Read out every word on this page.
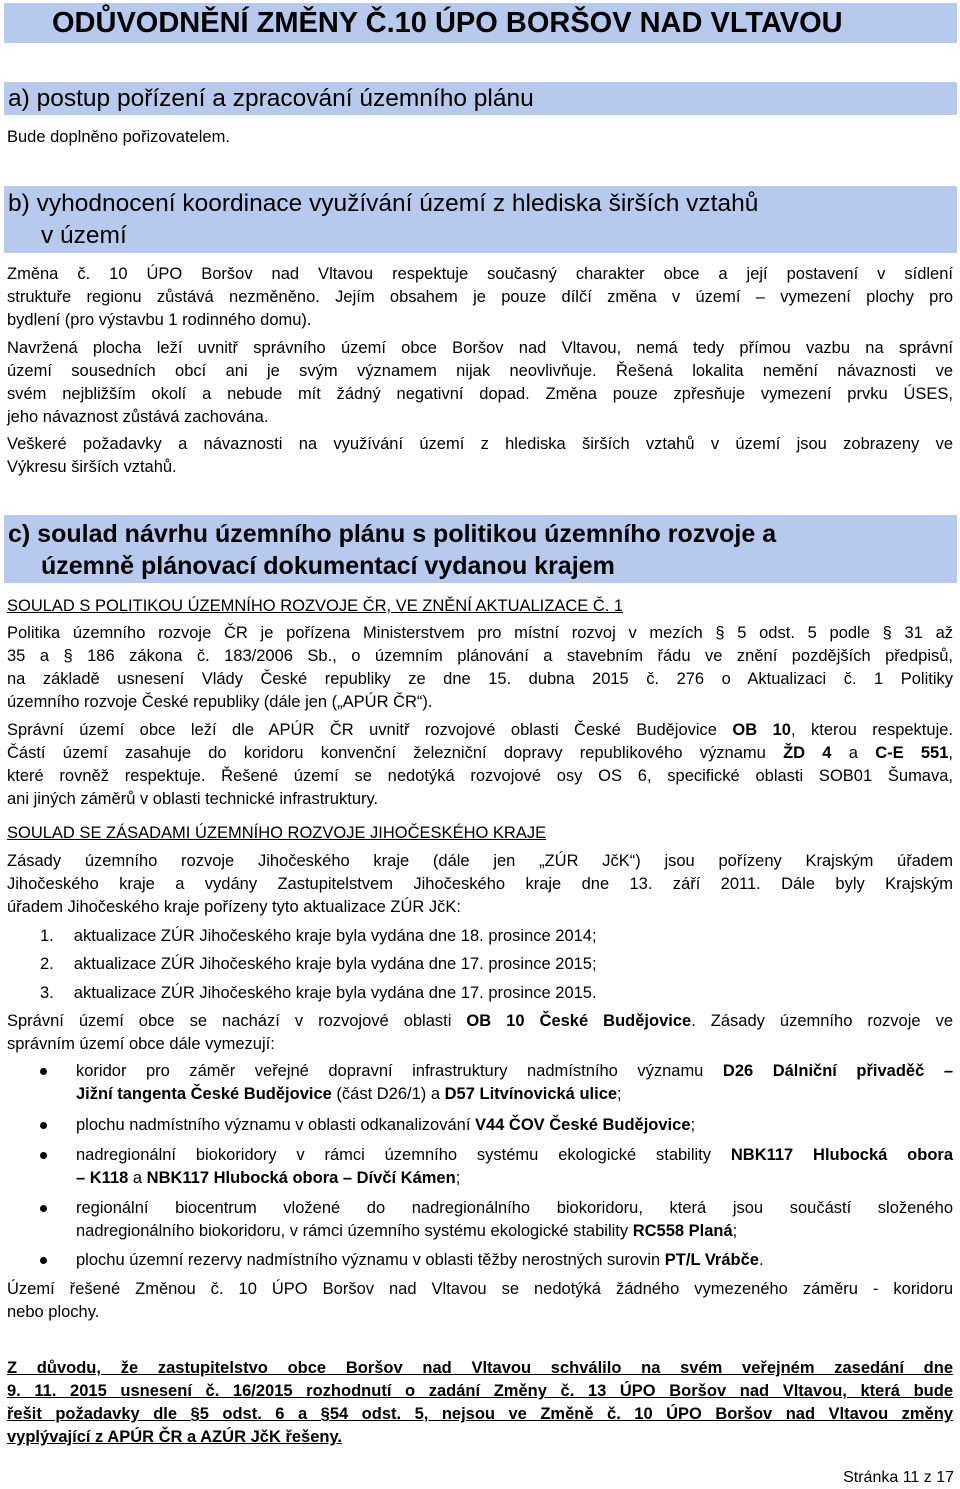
ODŮVODNĚNÍ ZMĚNY Č.10 ÚPO BORŠOV NAD VLTAVOU
a) postup pořízení a zpracování územního plánu

Bude doplněno pořizovatelem.

b) vyhodnocení koordinace využívání území z hlediska širších vztahů
v území
Změna č. 10 ÚPO Boršov nad Vltavou respektuje současný charakter obce a její postavení v sídlení
struktuře regionu zůstává nezměněno. Jejím obsahem je pouze dílčí změna v území – vymezení plochy pro
bydlení (pro výstavbu 1 rodinného domu).
Navržená plocha leží uvnitř správního území obce Boršov nad Vltavou, nemá tedy přímou vazbu na správní
území sousedních obcí ani je svým významem nijak neovlivňuje. Řešená lokalita nemění návaznosti ve
svém nejbližším okolí a nebude mít žádný negativní dopad. Změna pouze zpřesňuje vymezení prvku ÚSES,
jeho návaznost zůstává zachována.
Veškeré požadavky a návaznosti na využívání území z hlediska širších vztahů v území jsou zobrazeny ve
Výkresu širších vztahů.
c) soulad návrhu územního plánu s politikou územního rozvoje a
územně plánovací dokumentací vydanou krajem
SOULAD S POLITIKOU ÚZEMNÍHO ROZVOJE ČR, VE ZNĚNÍ AKTUALIZACE Č. 1
Politika územního rozvoje ČR je pořízena Ministerstvem pro místní rozvoj v mezích § 5 odst. 5 podle § 31 až
35 a § 186 zákona č. 183/2006 Sb., o územním plánování a stavebním řádu ve znění pozdějších předpisů,
na základě usnesení Vlády České republiky ze dne 15. dubna 2015 č. 276 o Aktualizaci č. 1 Politiky
územního rozvoje České republiky (dále jen („APÚR ČR“).
Správní území obce leží dle APÚR ČR uvnitř rozvojové oblasti České Budějovice OB 10, kterou respektuje.
Částí území zasahuje do koridoru konvenční železniční dopravy republikového významu ŽD 4 a C-E 551,
které rovněž respektuje. Řešené území se nedotýká rozvojové osy OS 6, specifické oblasti SOB01 Šumava,
ani jiných záměrů v oblasti technické infrastruktury.
SOULAD SE ZÁSADAMI ÚZEMNÍHO ROZVOJE JIHOČESKÉHO KRAJE
Zásady územního rozvoje Jihočeského kraje (dále jen „ZÚR JčK“) jsou pořízeny Krajským úřadem
Jihočeského kraje a vydány Zastupitelstvem Jihočeského kraje dne 13. září 2011. Dále byly Krajským
úřadem Jihočeského kraje pořízeny tyto aktualizace ZÚR JčK:
1. aktualizace ZÚR Jihočeského kraje byla vydána dne 18. prosince 2014;
2. aktualizace ZÚR Jihočeského kraje byla vydána dne 17. prosince 2015;
3. aktualizace ZÚR Jihočeského kraje byla vydána dne 17. prosince 2015.
Správní území obce se nachází v rozvojové oblasti OB 10 České Budějovice. Zásady územního rozvoje ve
správním území obce dále vymezují:
koridor pro záměr veřejné dopravní infrastruktury nadmístního významu D26 Dálniční přivaděč –
Jižní tangenta České Budějovice (část D26/1) a D57 Litvínovická ulice;
plochu nadmístního významu v oblasti odkanalizování V44 ČOV České Budějovice;
nadregionální biokoridory v rámci územního systému ekologické stability NBK117 Hlubocká obora
– K118 a NBK117 Hlubocká obora – Dívčí Kámen;
regionální biocentrum vložené do nadregionálního biokoridoru, která jsou součástí složeného
nadregionálního biokoridoru, v rámci územního systému ekologické stability RC558 Planá;
plochu územní rezervy nadmístního významu v oblasti těžby nerostných surovin PT/L Vrábče.
Území řešené Změnou č. 10 ÚPO Boršov nad Vltavou se nedotýká žádného vymezeného záměru - koridoru
nebo plochy.
Z důvodu, že zastupitelstvo obce Boršov nad Vltavou schválilo na svém veřejném zasedání dne
9. 11. 2015 usnesení č. 16/2015 rozhodnutí o zadání Změny č. 13 ÚPO Boršov nad Vltavou, která bude
řešit požadavky dle §5 odst. 6 a §54 odst. 5, nejsou ve Změně č. 10 ÚPO Boršov nad Vltavou změny
vyplývající z APÚR ČR a AZÚR JčK řešeny.
Stránka 11 z 17
